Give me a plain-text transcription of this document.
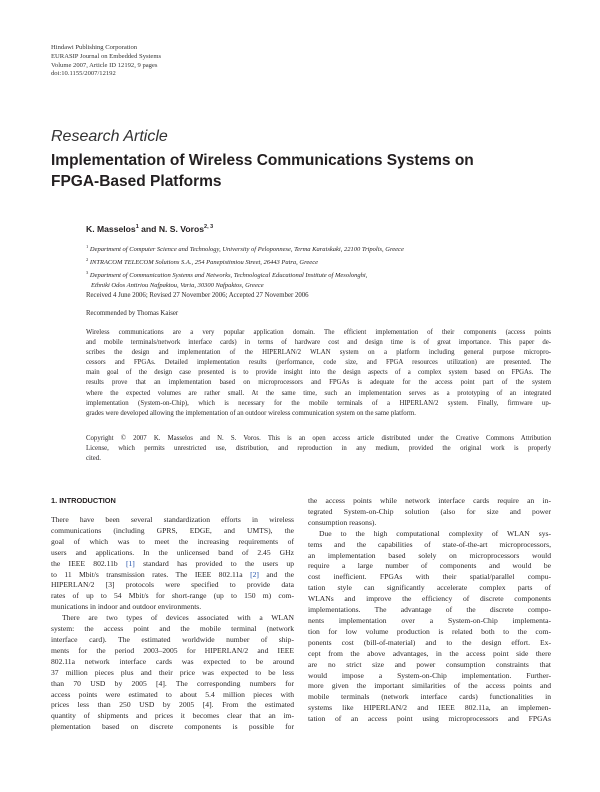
Hindawi Publishing Corporation
EURASIP Journal on Embedded Systems
Volume 2007, Article ID 12192, 9 pages
doi:10.1155/2007/12192
Research Article
Implementation of Wireless Communications Systems on
FPGA-Based Platforms
K. Masselos$^1$ and N. S. Voros$^{2, 3}$
$^1$ Department of Computer Science and Technology, University of Peloponnese, Terma Karaiskaki, 22100 Tripolis, Greece
$^2$ INTRACOM TELECOM Solutions S.A., 254 Panepistimiou Street, 26443 Patra, Greece
$^3$ Department of Communication Systems and Networks, Technological Educational Institute of Mesolonghi,
Ethniki Odos Antiriou Nafpaktou, Varia, 30300 Nafpaktos, Greece
Received 4 June 2006; Revised 27 November 2006; Accepted 27 November 2006
Recommended by Thomas Kaiser
Wireless communications are a very popular application domain. The efficient implementation of their components (access points
and mobile terminals/network interface cards) in terms of hardware cost and design time is of great importance. This paper de-
scribes the design and implementation of the HIPERLAN/2 WLAN system on a platform including general purpose micropro-
cessors and FPGAs. Detailed implementation results (performance, code size, and FPGA resources utilization) are presented. The
main goal of the design case presented is to provide insight into the design aspects of a complex system based on FPGAs. The
results prove that an implementation based on microprocessors and FPGAs is adequate for the access point part of the system
where the expected volumes are rather small. At the same time, such an implementation serves as a prototyping of an integrated
implementation (System-on-Chip), which is necessary for the mobile terminals of a HIPERLAN/2 system. Finally, firmware up-
grades were developed allowing the implementation of an outdoor wireless communication system on the same platform.
Copyright © 2007 K. Masselos and N. S. Voros. This is an open access article distributed under the Creative Commons Attribution
License, which permits unrestricted use, distribution, and reproduction in any medium, provided the original work is properly
cited.
1. INTRODUCTION
There have been several standardization efforts in wireless
communications (including GPRS, EDGE, and UMTS), the
goal of which was to meet the increasing requirements of
users and applications. In the unlicensed band of 2.45 GHz
the IEEE 802.11b [1] standard has provided to the users up
to 11 Mbit/s transmission rates. The IEEE 802.11a [2] and the
HIPERLAN/2 [3] protocols were specified to provide data
rates of up to 54 Mbit/s for short-range (up to 150 m) com-
munications in indoor and outdoor environments.
There are two types of devices associated with a WLAN
system: the access point and the mobile terminal (network
interface card). The estimated worldwide number of ship-
ments for the period 2003–2005 for HIPERLAN/2 and IEEE
802.11a network interface cards was expected to be around
37 million pieces plus and their price was expected to be less
than 70 USD by 2005 [4]. The corresponding numbers for
access points were estimated to about 5.4 million pieces with
prices less than 250 USD by 2005 [4]. From the estimated
quantity of shipments and prices it becomes clear that an im-
plementation based on discrete components is possible for
the access points while network interface cards require an in-
tegrated System-on-Chip solution (also for size and power
consumption reasons).
Due to the high computational complexity of WLAN sys-
tems and the capabilities of state-of-the-art microprocessors,
an implementation based solely on microprocessors would
require a large number of components and would be
cost inefficient. FPGAs with their spatial/parallel compu-
tation style can significantly accelerate complex parts of
WLANs and improve the efficiency of discrete components
implementations. The advantage of the discrete compo-
nents implementation over a System-on-Chip implementa-
tion for low volume production is related both to the com-
ponents cost (bill-of-material) and to the design effort. Ex-
cept from the above advantages, in the access point side there
are no strict size and power consumption constraints that
would impose a System-on-Chip implementation. Further-
more given the important similarities of the access points and
mobile terminals (network interface cards) functionalities in
systems like HIPERLAN/2 and IEEE 802.11a, an implemen-
tation of an access point using microprocessors and FPGAs
